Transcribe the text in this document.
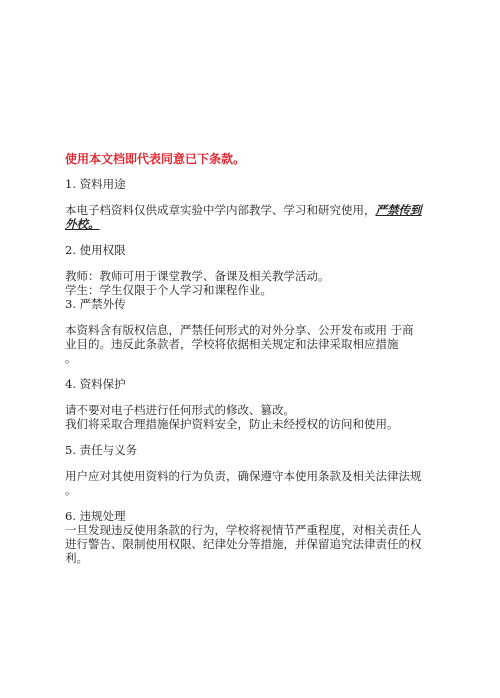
使用本文档即代表同意已下条款。
1. 资料用途
本电子档资料仅供成章实验中学内部教学、学习和研究使用，严禁传到
外校。
2. 使用权限
教师：教师可用于课堂教学、备课及相关教学活动。
学生：学生仅限于个人学习和课程作业。
3. 严禁外传
本资料含有版权信息，严禁任何形式的对外分享、公开发布或用 于商
业目的。违反此条款者，学校将依据相关规定和法律采取相应措施
。
4. 资料保护
请不要对电子档进行任何形式的修改、篡改。
我们将采取合理措施保护资料安全，防止未经授权的访问和使用。
5. 责任与义务
用户应对其使用资料的行为负责，确保遵守本使用条款及相关法律法规
。
6. 违规处理
一旦发现违反使用条款的行为，学校将视情节严重程度，对相关责任人
进行警告、限制使用权限、纪律处分等措施，并保留追究法律责任的权
利。
